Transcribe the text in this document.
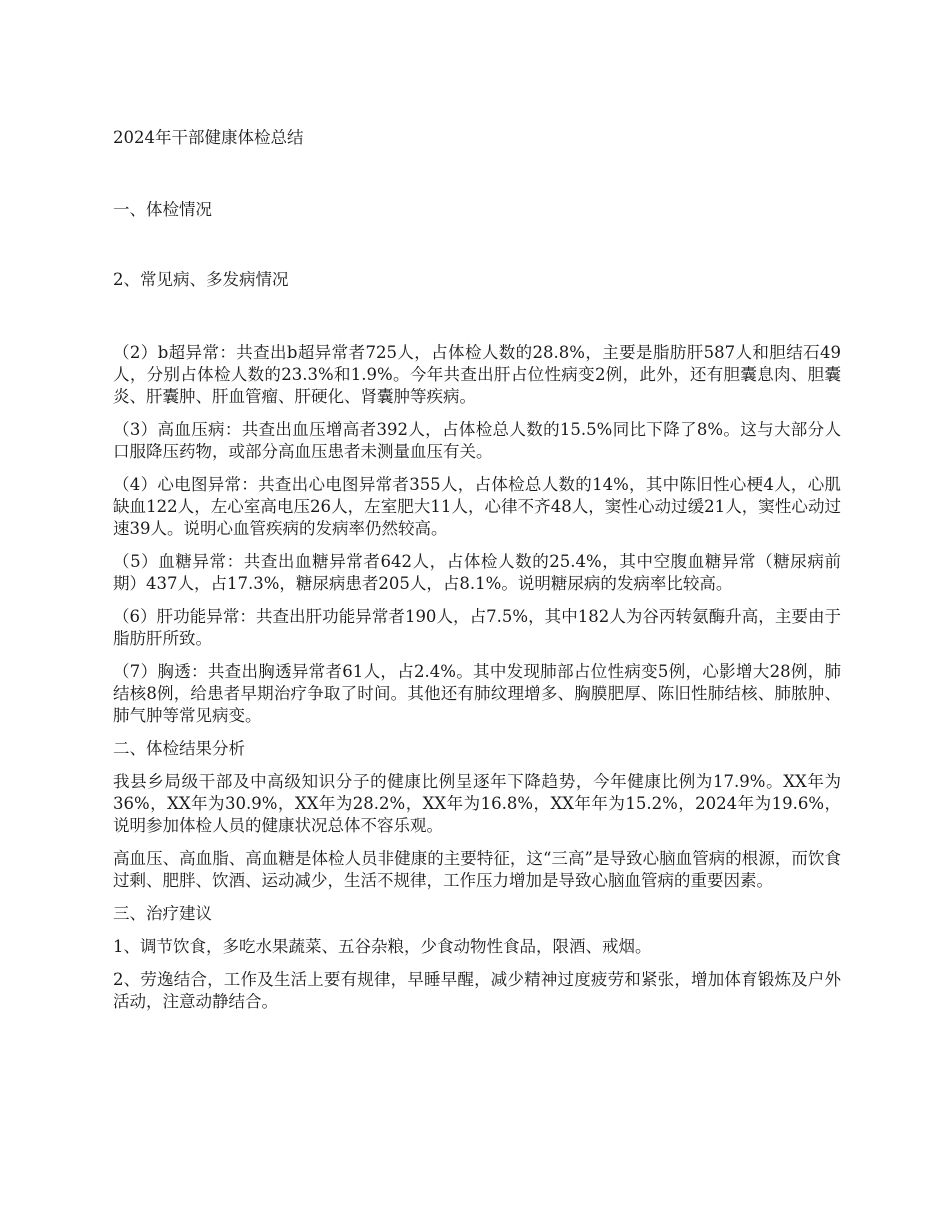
2024年干部健康体检总结

一、体检情况

2、常见病、多发病情况

（2）b超异常：共查出b超异常者725人，占体检人数的28.8%，主要是脂肪肝587人和胆结石49人，分别占体检人数的23.3%和1.9%。今年共查出肝占位性病变2例，此外，还有胆囊息肉、胆囊炎、肝囊肿、肝血管瘤、肝硬化、肾囊肿等疾病。

（3）高血压病：共查出血压增高者392人，占体检总人数的15.5%同比下降了8%。这与大部分人口服降压药物，或部分高血压患者未测量血压有关。

（4）心电图异常：共查出心电图异常者355人，占体检总人数的14%，其中陈旧性心梗4人，心肌缺血122人，左心室高电压26人，左室肥大11人，心律不齐48人，窦性心动过缓21人，窦性心动过速39人。说明心血管疾病的发病率仍然较高。

（5）血糖异常：共查出血糖异常者642人，占体检人数的25.4%，其中空腹血糖异常（糖尿病前期）437人，占17.3%，糖尿病患者205人，占8.1%。说明糖尿病的发病率比较高。

（6）肝功能异常：共查出肝功能异常者190人，占7.5%，其中182人为谷丙转氨酶升高，主要由于脂肪肝所致。

（7）胸透：共查出胸透异常者61人，占2.4%。其中发现肺部占位性病变5例，心影增大28例，肺结核8例，给患者早期治疗争取了时间。其他还有肺纹理增多、胸膜肥厚、陈旧性肺结核、肺脓肿、肺气肿等常见病变。

二、体检结果分析

我县乡局级干部及中高级知识分子的健康比例呈逐年下降趋势，今年健康比例为17.9%。XX年为36%，XX年为30.9%，XX年为28.2%，XX年为16.8%，XX年年为15.2%，2024年为19.6%，说明参加体检人员的健康状况总体不容乐观。

高血压、高血脂、高血糖是体检人员非健康的主要特征，这“三高”是导致心脑血管病的根源，而饮食过剩、肥胖、饮酒、运动减少，生活不规律，工作压力增加是导致心脑血管病的重要因素。

三、治疗建议

1、调节饮食，多吃水果蔬菜、五谷杂粮，少食动物性食品，限酒、戒烟。

2、劳逸结合，工作及生活上要有规律，早睡早醒，减少精神过度疲劳和紧张，增加体育锻炼及户外活动，注意动静结合。
